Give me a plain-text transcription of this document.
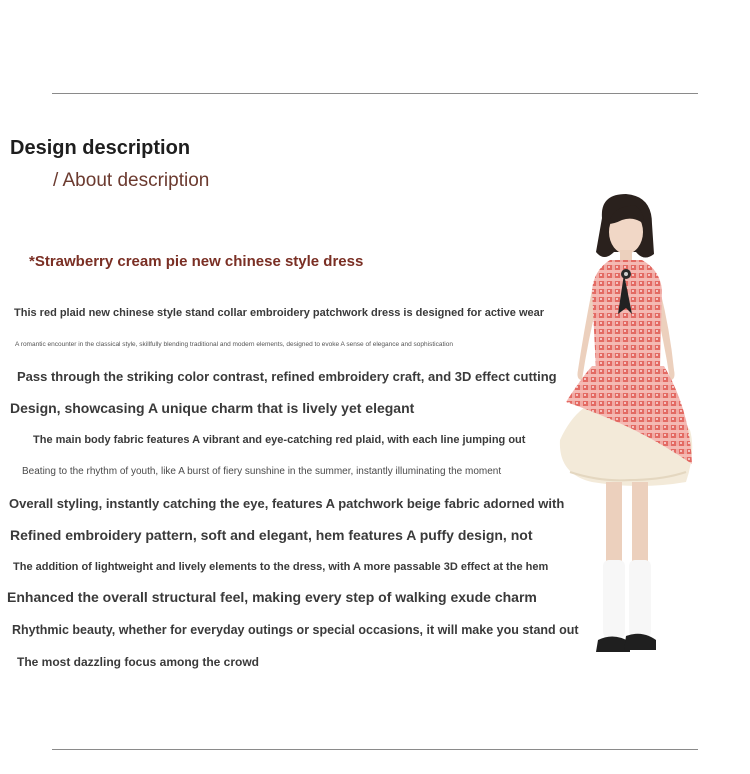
Design description
/ About description
*Strawberry cream pie new chinese style dress
This red plaid new chinese style stand collar embroidery patchwork dress is designed for active wear
A romantic encounter in the classical style, skillfully blending traditional and modern elements, designed to evoke A sense of elegance and sophistication
Pass through the striking color contrast, refined embroidery craft, and 3D effect cutting
Design, showcasing A unique charm that is lively yet elegant
The main body fabric features A vibrant and eye-catching red plaid, with each line jumping out
Beating to the rhythm of youth, like A burst of fiery sunshine in the summer, instantly illuminating the moment
Overall styling, instantly catching the eye, features A patchwork beige fabric adorned with
Refined embroidery pattern, soft and elegant, hem features A puffy design, not
The addition of lightweight and lively elements to the dress, with A more passable 3D effect at the hem
Enhanced the overall structural feel, making every step of walking exude charm
Rhythmic beauty, whether for everyday outings or special occasions, it will make you stand out
The most dazzling focus among the crowd
